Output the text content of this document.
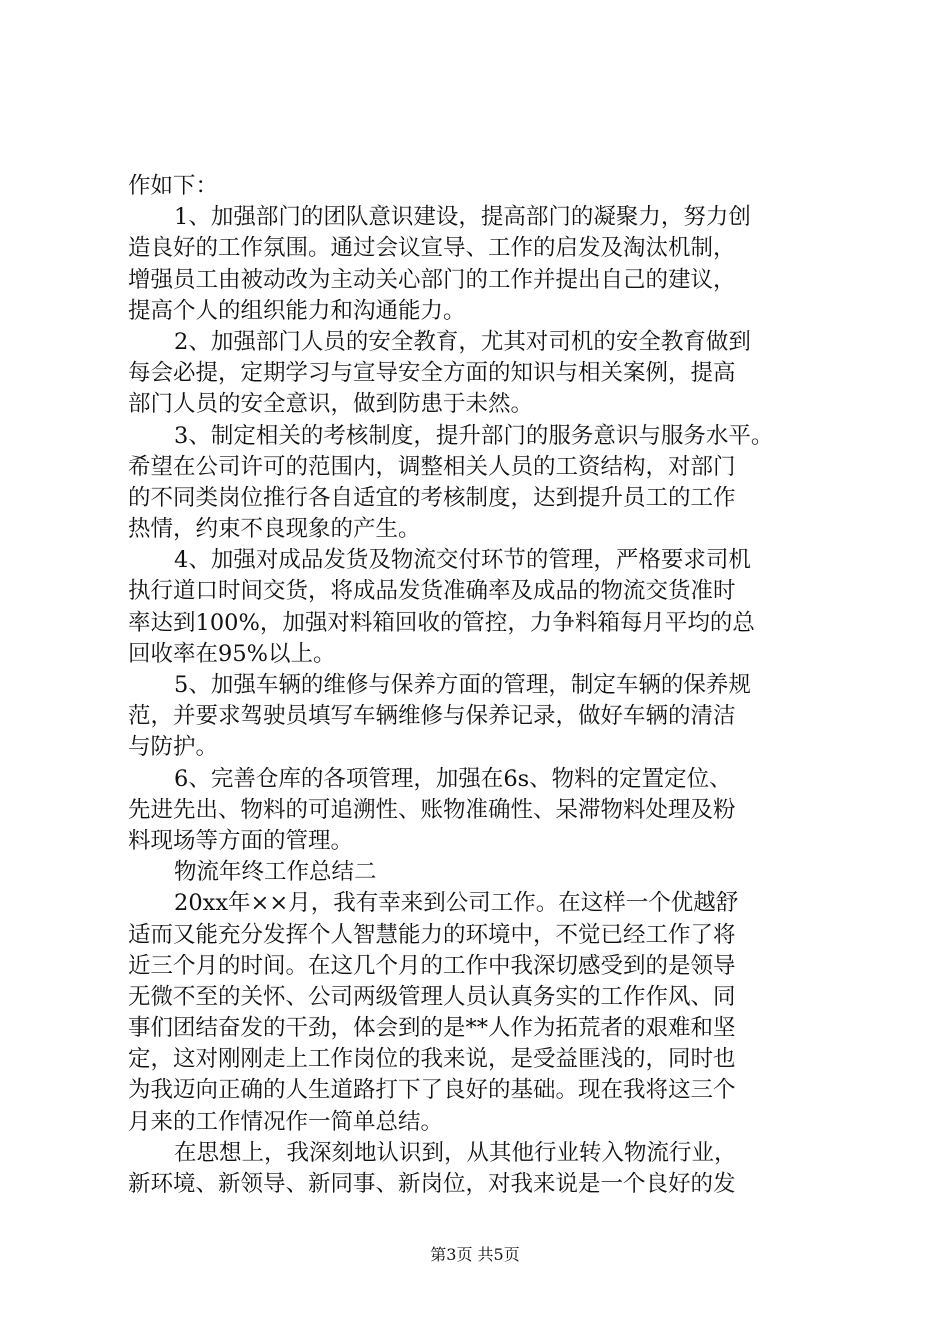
作如下：
1、加强部门的团队意识建设，提高部门的凝聚力，努力创
造良好的工作氛围。通过会议宣导、工作的启发及淘汰机制，
增强员工由被动改为主动关心部门的工作并提出自己的建议，
提高个人的组织能力和沟通能力。
2、加强部门人员的安全教育，尤其对司机的安全教育做到
每会必提，定期学习与宣导安全方面的知识与相关案例，提高
部门人员的安全意识，做到防患于未然。
3、制定相关的考核制度，提升部门的服务意识与服务水平。
希望在公司许可的范围内，调整相关人员的工资结构，对部门
的不同类岗位推行各自适宜的考核制度，达到提升员工的工作
热情，约束不良现象的产生。
4、加强对成品发货及物流交付环节的管理，严格要求司机
执行道口时间交货，将成品发货准确率及成品的物流交货准时
率达到100%，加强对料箱回收的管控，力争料箱每月平均的总
回收率在95%以上。
5、加强车辆的维修与保养方面的管理，制定车辆的保养规
范，并要求驾驶员填写车辆维修与保养记录，做好车辆的清洁
与防护。
6、完善仓库的各项管理，加强在6s、物料的定置定位、
先进先出、物料的可追溯性、账物准确性、呆滞物料处理及粉
料现场等方面的管理。
物流年终工作总结二
20xx年××月，我有幸来到公司工作。在这样一个优越舒
适而又能充分发挥个人智慧能力的环境中，不觉已经工作了将
近三个月的时间。在这几个月的工作中我深切感受到的是领导
无微不至的关怀、公司两级管理人员认真务实的工作作风、同
事们团结奋发的干劲，体会到的是**人作为拓荒者的艰难和坚
定，这对刚刚走上工作岗位的我来说，是受益匪浅的，同时也
为我迈向正确的人生道路打下了良好的基础。现在我将这三个
月来的工作情况作一简单总结。
在思想上，我深刻地认识到，从其他行业转入物流行业，
新环境、新领导、新同事、新岗位，对我来说是一个良好的发
第3页 共5页
